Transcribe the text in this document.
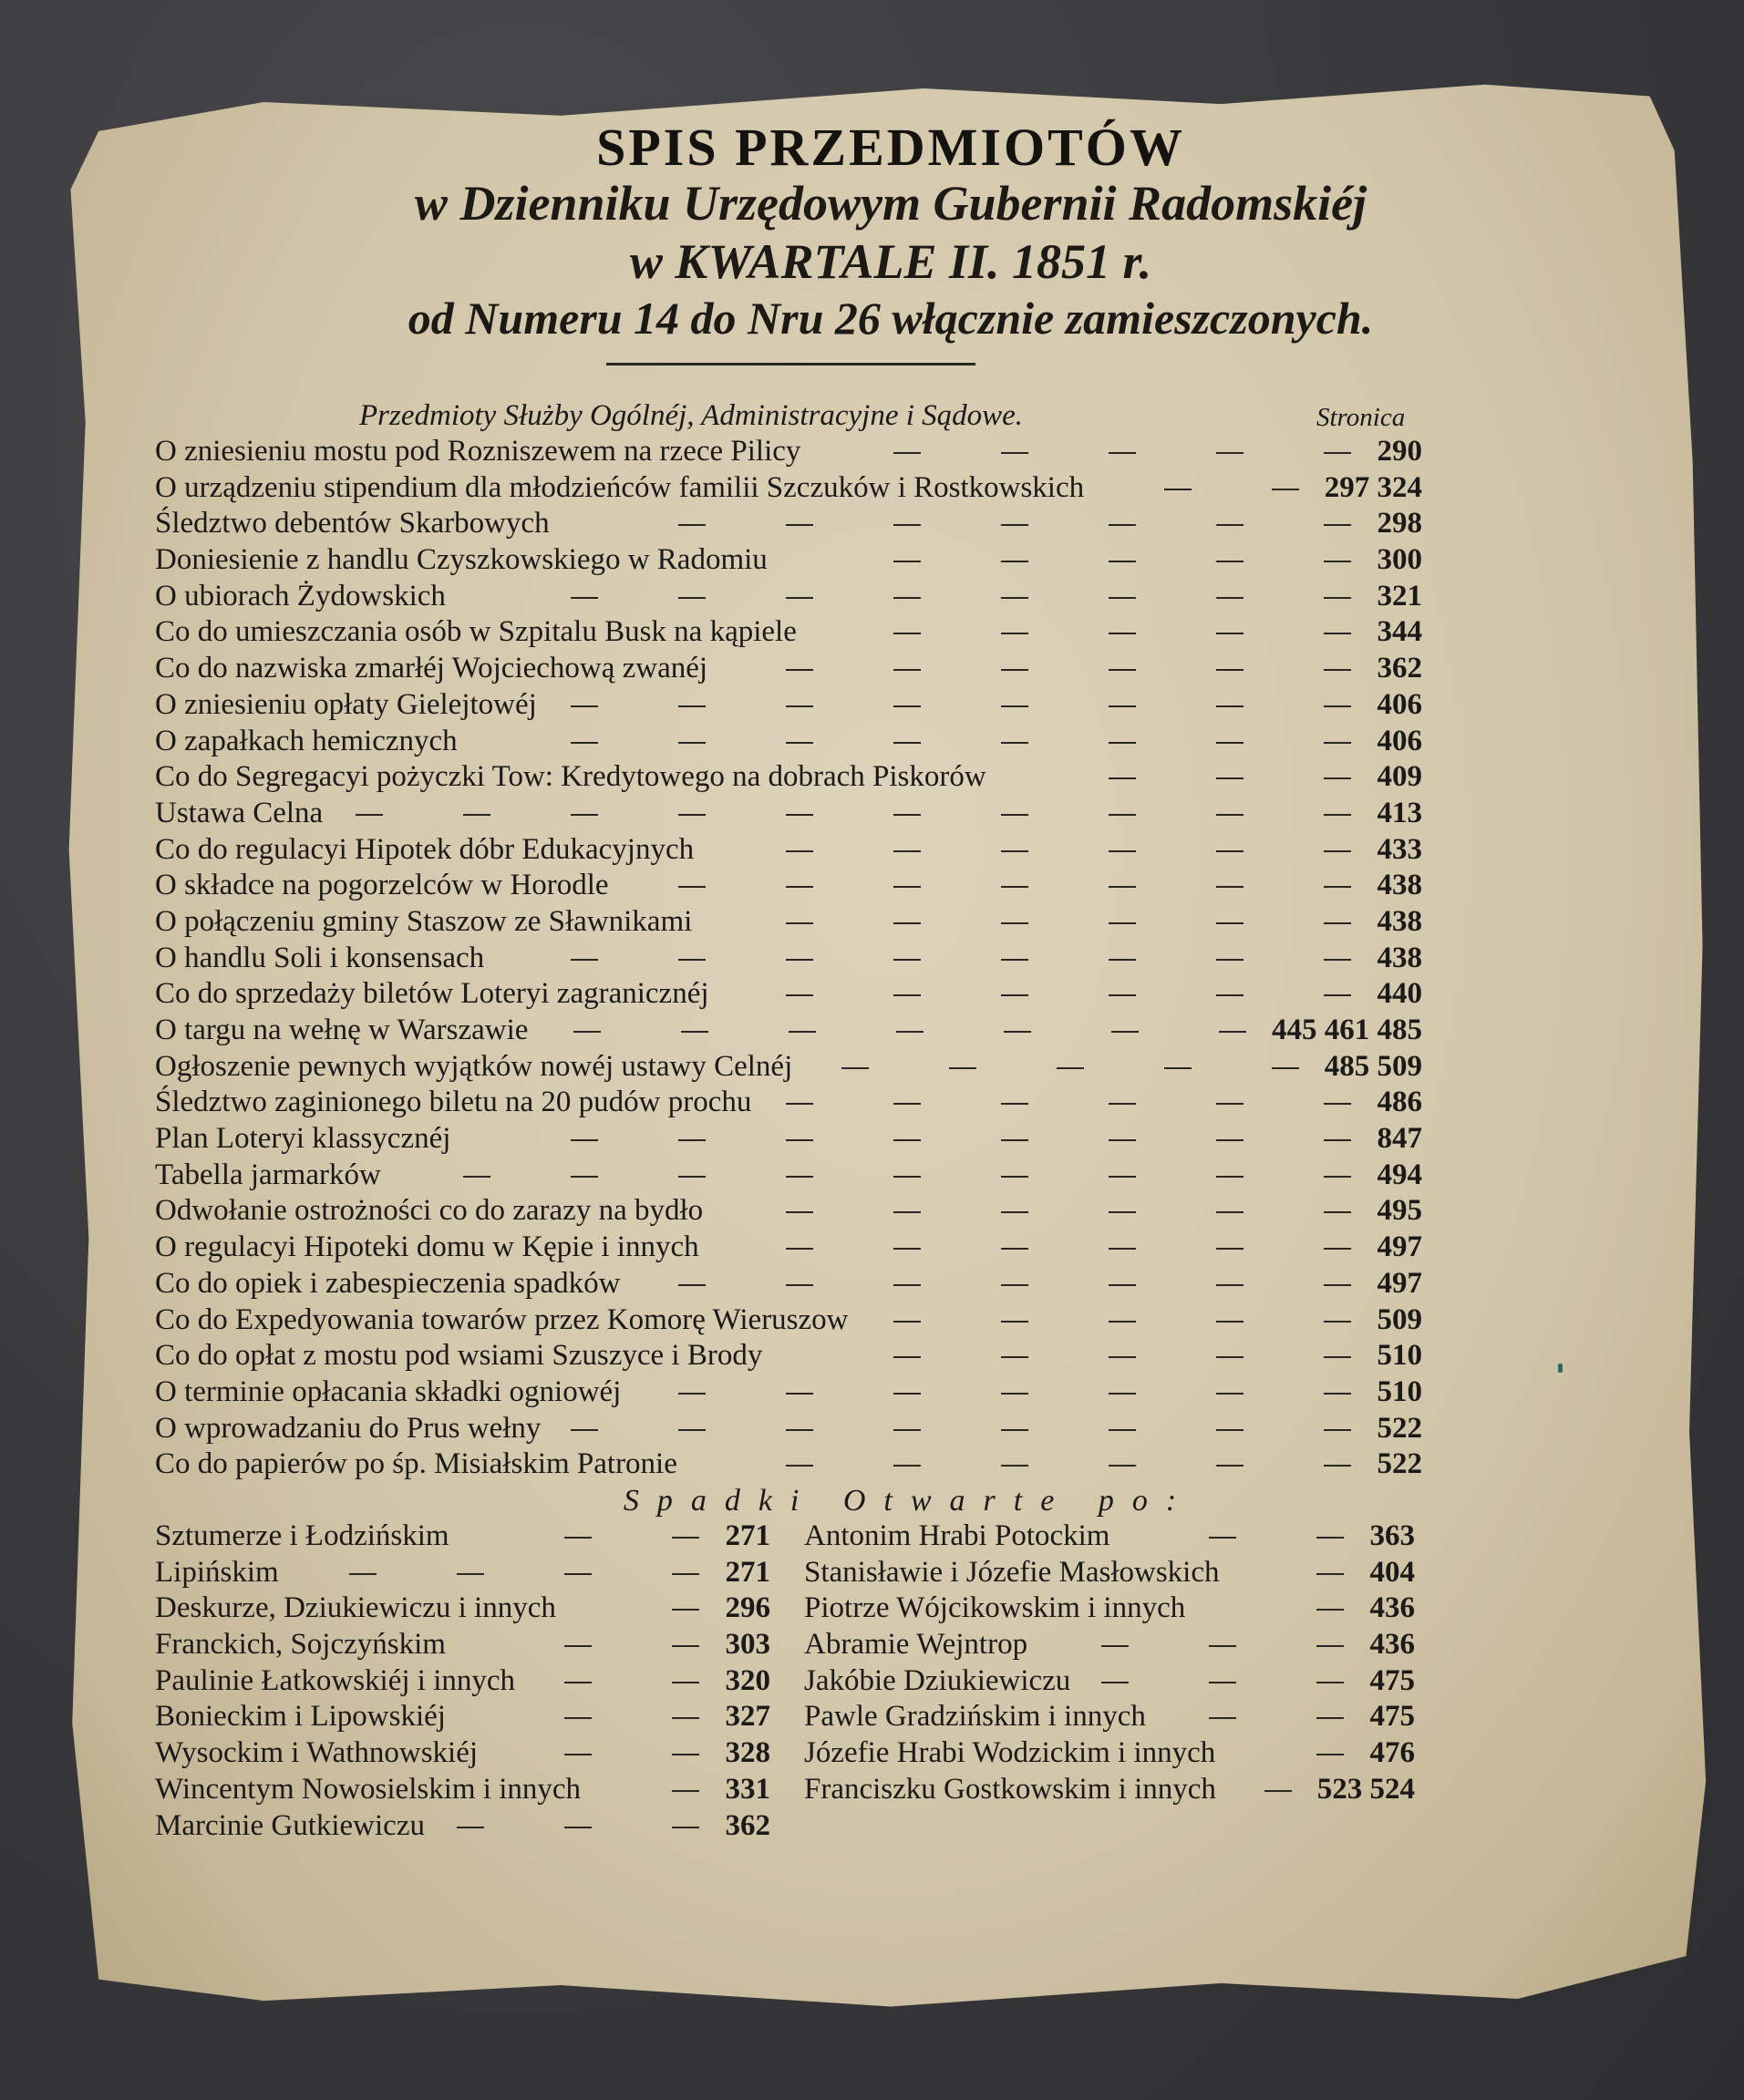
SPIS PRZEDMIOTÓW
w Dzienniku Urzędowym Gubernii Radomskiéj
w KWARTALE II. 1851 r.
od Numeru 14 do Nru 26 włącznie zamieszczonych.
Przedmioty Służby Ogólnéj, Administracyjne i Sądowe.	Stronica
O zniesieniu mostu pod Rozniszewem na rzece Pilicy	290
O urządzeniu stipendium dla młodzieńców familii Szczuków i Rostkowskich	297 324
Śledztwo debentów Skarbowych	298
Doniesienie z handlu Czyszkowskiego w Radomiu	300
O ubiorach Żydowskich	321
Co do umieszczania osób w Szpitalu Busk na kąpiele	344
Co do nazwiska zmarłéj Wojciechową zwanéj	362
O zniesieniu opłaty Gielejtowéj	406
O zapałkach hemicznych	406
Co do Segregacyi pożyczki Tow: Kredytowego na dobrach Piskorów	409
Ustawa Celna	413
Co do regulacyi Hipotek dóbr Edukacyjnych	433
O składce na pogorzelców w Horodle	438
O połączeniu gminy Staszow ze Sławnikami	438
O handlu Soli i konsensach	438
Co do sprzedaży biletów Loteryi zagranicznéj	440
O targu na wełnę w Warszawie	445 461 485
Ogłoszenie pewnych wyjątków nowéj ustawy Celnéj	485 509
Śledztwo zaginionego biletu na 20 pudów prochu	486
Plan Loteryi klassycznéj	847
Tabella jarmarków	494
Odwołanie ostrożności co do zarazy na bydło	495
O regulacyi Hipoteki domu w Kępie i innych	497
Co do opiek i zabespieczenia spadków	497
Co do Expedyowania towarów przez Komorę Wieruszow	509
Co do opłat z mostu pod wsiami Szuszyce i Brody	510
O terminie opłacania składki ogniowéj	510
O wprowadzaniu do Prus wełny	522
Co do papierów po śp. Misiałskim Patronie	522
Spadki Otwarte po:
Sztumerze i Łodzińskim	271
Lipińskim	271
Deskurze, Dziukiewiczu i innych	296
Franckich, Sojczyńskim	303
Paulinie Łatkowskiéj i innych	320
Bonieckim i Lipowskiéj	327
Wysockim i Wathnowskiéj	328
Wincentym Nowosielskim i innych	331
Marcinie Gutkiewiczu	362
Antonim Hrabi Potockim	363
Stanisławie i Józefie Masłowskich	404
Piotrze Wójcikowskim i innych	436
Abramie Wejntrop	436
Jakóbie Dziukiewiczu	475
Pawle Gradzińskim i innych	475
Józefie Hrabi Wodzickim i innych	476
Franciszku Gostkowskim i innych	523 524
